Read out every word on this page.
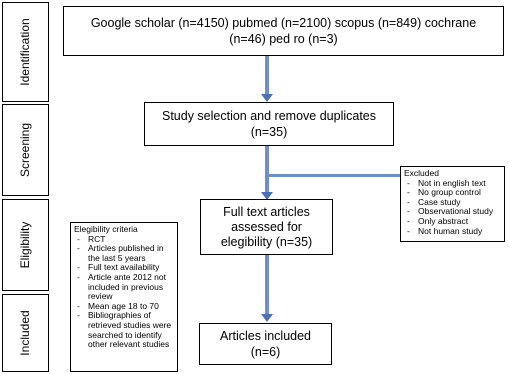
Identification
Screening
Eligibility
Included
Google scholar (n=4150) pubmed (n=2100) scopus (n=849) cochrane
(n=46) ped ro (n=3)
Study selection and remove duplicates
(n=35)
Full text articles
assessed for
elegibility (n=35)
Articles included
(n=6)
Excluded
- Not in english text
- No group control
- Case study
- Observational study
- Only abstract
- Not human study
Elegibility criteria
- RCT
- Articles published in the last 5 years
- Full text availability
- Article ante 2012 not included in previous review
- Mean age 18 to 70
- Bibliographies of retrieved studies were searched to identify other relevant studies
